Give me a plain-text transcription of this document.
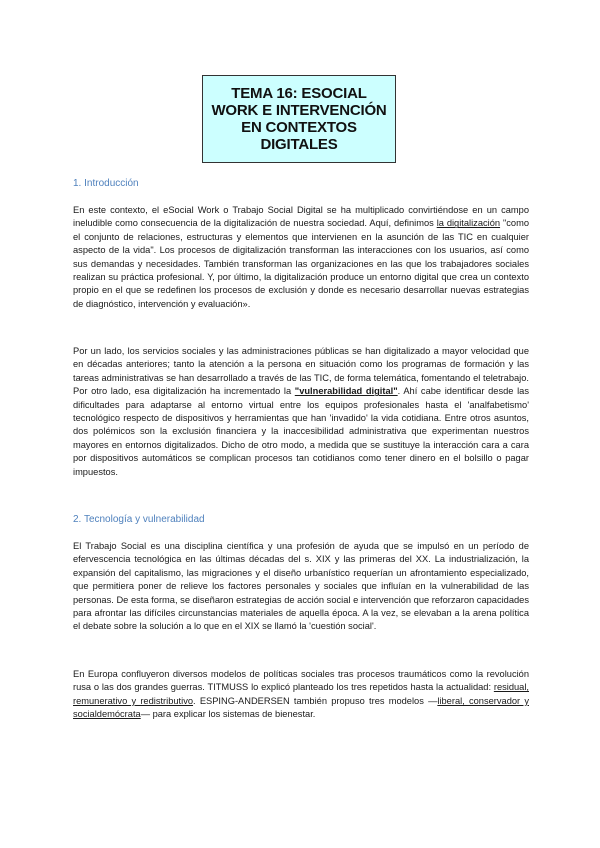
TEMA 16: ESOCIAL
WORK E INTERVENCIÓN
EN CONTEXTOS
DIGITALES
1. Introducción

En este contexto, el eSocial Work o Trabajo Social Digital se ha multiplicado convirtiéndose en un campo ineludible como consecuencia de la digitalización de nuestra sociedad. Aquí, definimos la digitalización "como el conjunto de relaciones, estructuras y elementos que intervienen en la asunción de las TIC en cualquier aspecto de la vida". Los procesos de digitalización transforman las interacciones con los usuarios, así como sus demandas y necesidades. También transforman las organizaciones en las que los trabajadores sociales realizan su práctica profesional. Y, por último, la digitalización produce un entorno digital que crea un contexto propio en el que se redefinen los procesos de exclusión y donde es necesario desarrollar nuevas estrategias de diagnóstico, intervención y evaluación».

Por un lado, los servicios sociales y las administraciones públicas se han digitalizado a mayor velocidad que en décadas anteriores; tanto la atención a la persona en situación como los programas de formación y las tareas administrativas se han desarrollado a través de las TIC, de forma telemática, fomentando el teletrabajo. Por otro lado, esa digitalización ha incrementado la "vulnerabilidad digital". Ahí cabe identificar desde las dificultades para adaptarse al entorno virtual entre los equipos profesionales hasta el 'analfabetismo' tecnológico respecto de dispositivos y herramientas que han 'invadido' la vida cotidiana. Entre otros asuntos, dos polémicos son la exclusión financiera y la inaccesibilidad administrativa que experimentan nuestros mayores en entornos digitalizados. Dicho de otro modo, a medida que se sustituye la interacción cara a cara por dispositivos automáticos se complican procesos tan cotidianos como tener dinero en el bolsillo o pagar impuestos.

2. Tecnología y vulnerabilidad

El Trabajo Social es una disciplina científica y una profesión de ayuda que se impulsó en un período de efervescencia tecnológica en las últimas décadas del s. XIX y las primeras del XX. La industrialización, la expansión del capitalismo, las migraciones y el diseño urbanístico requerían un afrontamiento especializado, que permitiera poner de relieve los factores personales y sociales que influían en la vulnerabilidad de las personas. De esta forma, se diseñaron estrategias de acción social e intervención que reforzaron capacidades para afrontar las difíciles circunstancias materiales de aquella época. A la vez, se elevaban a la arena política el debate sobre la solución a lo que en el XIX se llamó la 'cuestión social'.

En Europa confluyeron diversos modelos de políticas sociales tras procesos traumáticos como la revolución rusa o las dos grandes guerras. TITMUSS lo explicó planteado los tres repetidos hasta la actualidad: residual, remunerativo y redistributivo. ESPING-ANDERSEN también propuso tres modelos —liberal, conservador y socialdemócrata— para explicar los sistemas de bienestar.
